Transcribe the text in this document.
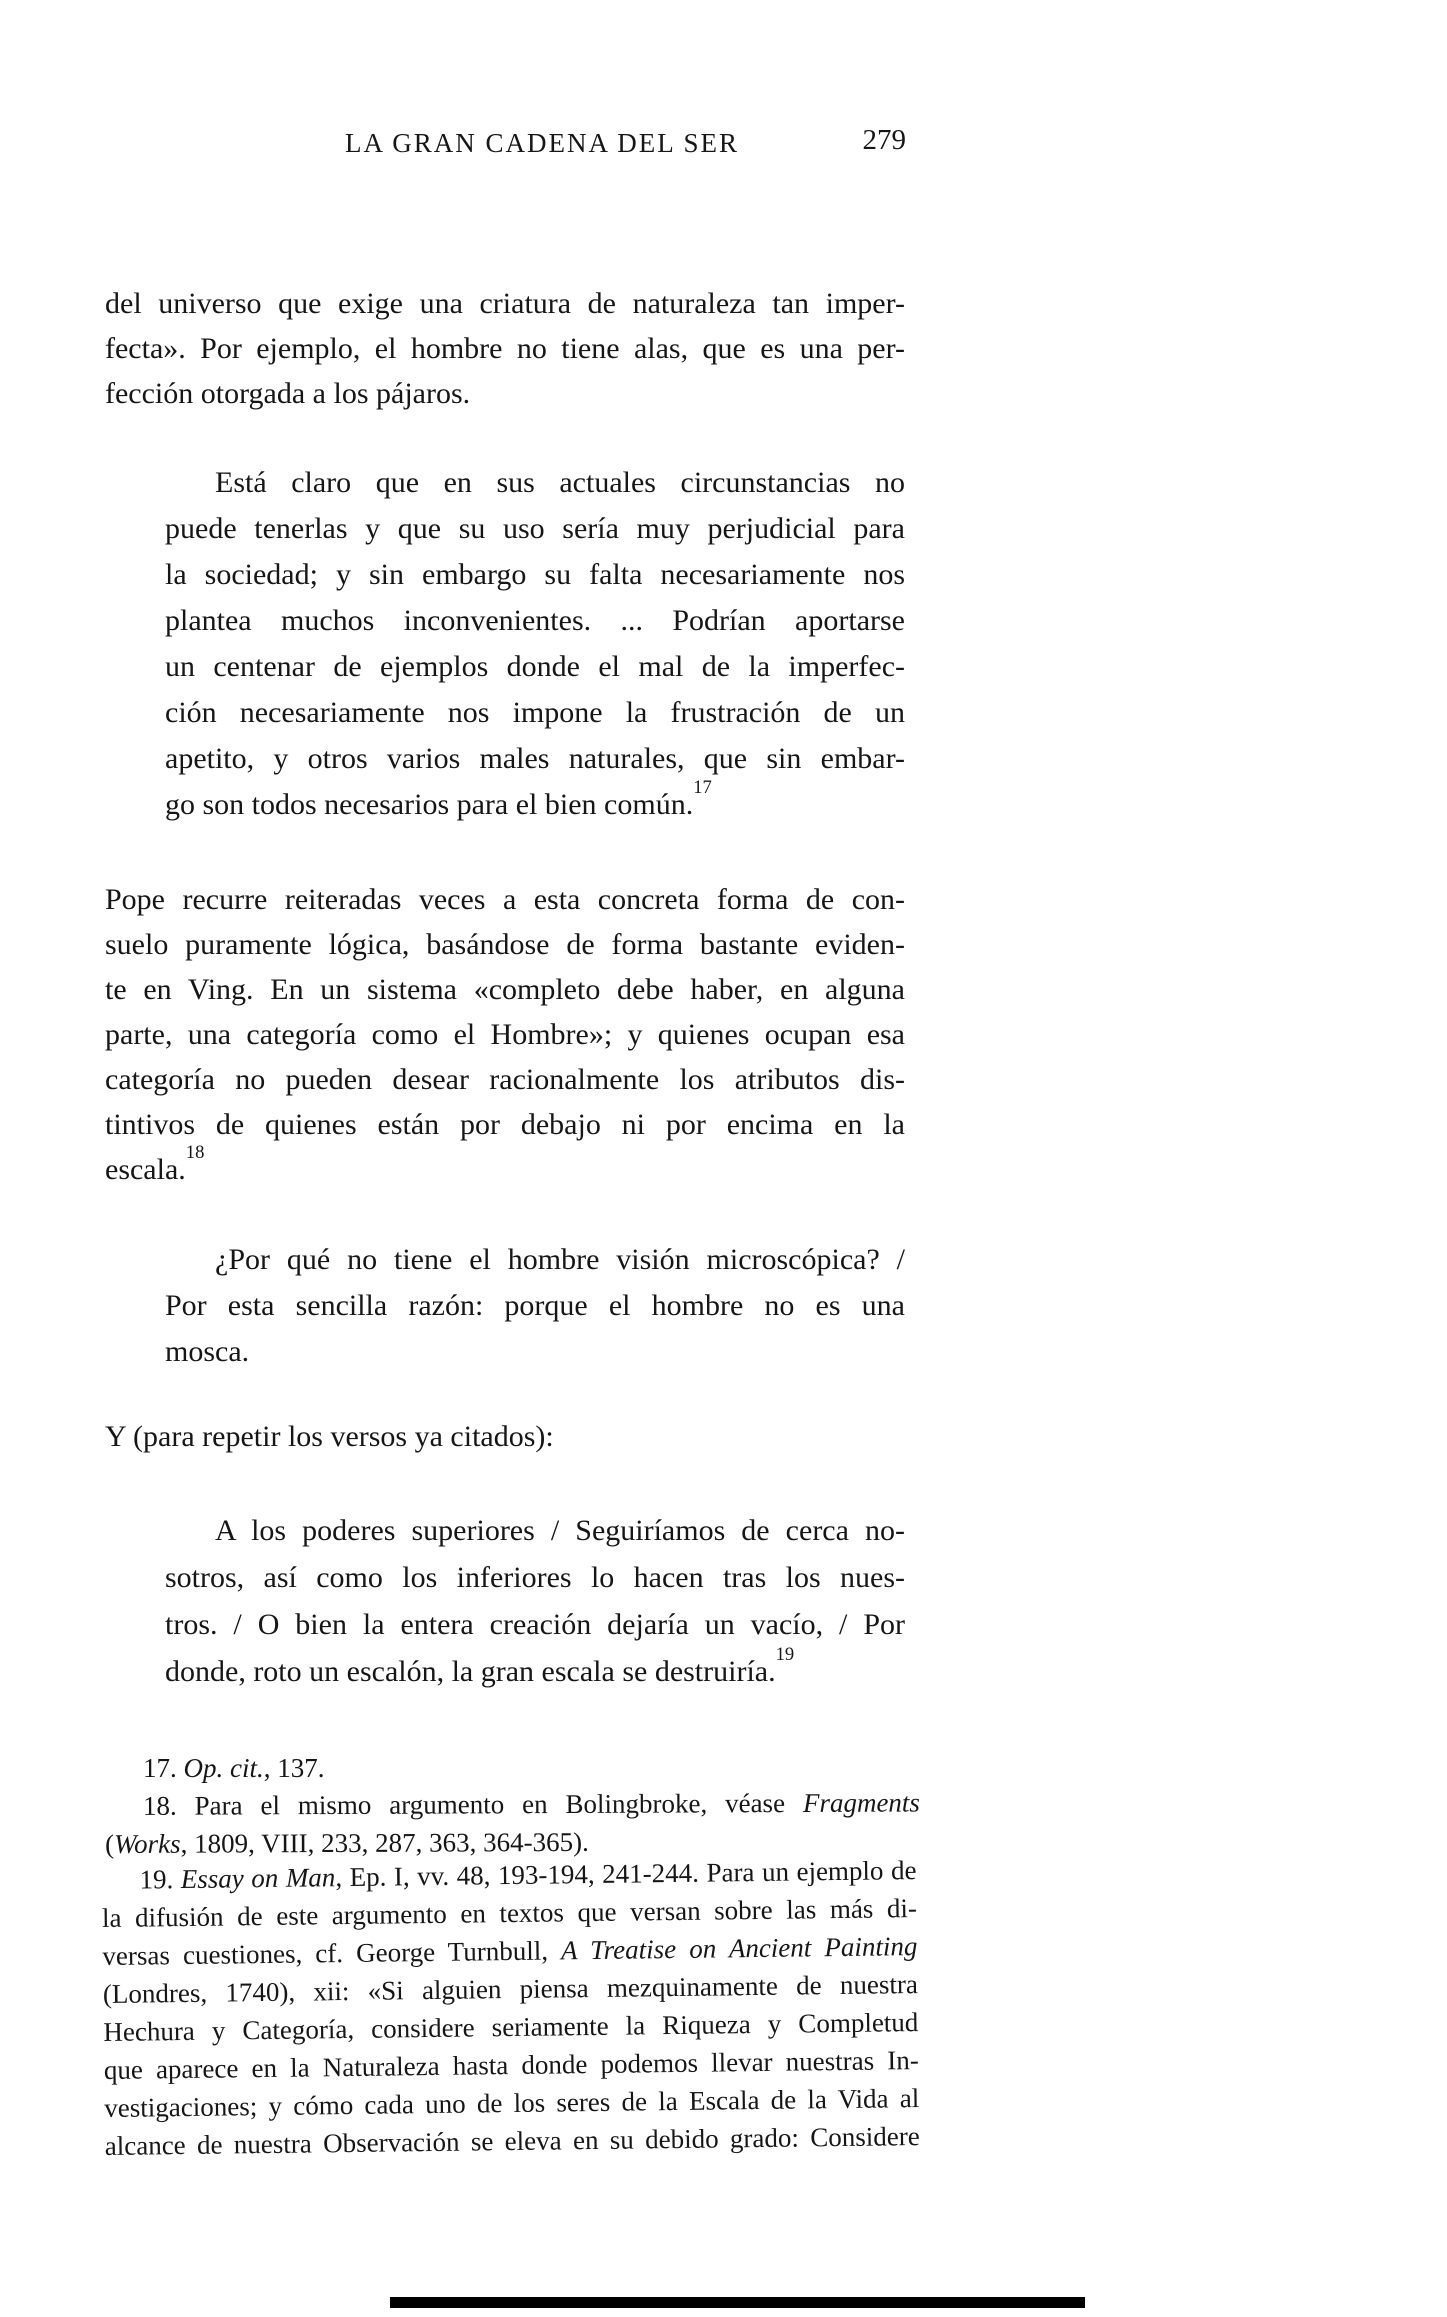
LA GRAN CADENA DEL SER	279
del universo que exige una criatura de naturaleza tan imper-
fecta». Por ejemplo, el hombre no tiene alas, que es una per-
fección otorgada a los pájaros.
Está claro que en sus actuales circunstancias no
puede tenerlas y que su uso sería muy perjudicial para
la sociedad; y sin embargo su falta necesariamente nos
plantea muchos inconvenientes. ... Podrían aportarse
un centenar de ejemplos donde el mal de la imperfec-
ción necesariamente nos impone la frustración de un
apetito, y otros varios males naturales, que sin embar-
go son todos necesarios para el bien común.$^{17}$
Pope recurre reiteradas veces a esta concreta forma de con-
suelo puramente lógica, basándose de forma bastante eviden-
te en Ving. En un sistema «completo debe haber, en alguna
parte, una categoría como el Hombre»; y quienes ocupan esa
categoría no pueden desear racionalmente los atributos dis-
tintivos de quienes están por debajo ni por encima en la
escala.$^{18}$
¿Por qué no tiene el hombre visión microscópica? /
Por esta sencilla razón: porque el hombre no es una
mosca.
Y (para repetir los versos ya citados):
A los poderes superiores / Seguiríamos de cerca no-
sotros, así como los inferiores lo hacen tras los nues-
tros. / O bien la entera creación dejaría un vacío, / Por
donde, roto un escalón, la gran escala se destruiría.$^{19}$
17. Op. cit., 137.
18. Para el mismo argumento en Bolingbroke, véase Fragments
(Works, 1809, VIII, 233, 287, 363, 364-365).
19. Essay on Man, Ep. I, vv. 48, 193-194, 241-244. Para un ejemplo de
la difusión de este argumento en textos que versan sobre las más di-
versas cuestiones, cf. George Turnbull, A Treatise on Ancient Painting
(Londres, 1740), xii: «Si alguien piensa mezquinamente de nuestra
Hechura y Categoría, considere seriamente la Riqueza y Completud
que aparece en la Naturaleza hasta donde podemos llevar nuestras In-
vestigaciones; y cómo cada uno de los seres de la Escala de la Vida al
alcance de nuestra Observación se eleva en su debido grado: Considere
